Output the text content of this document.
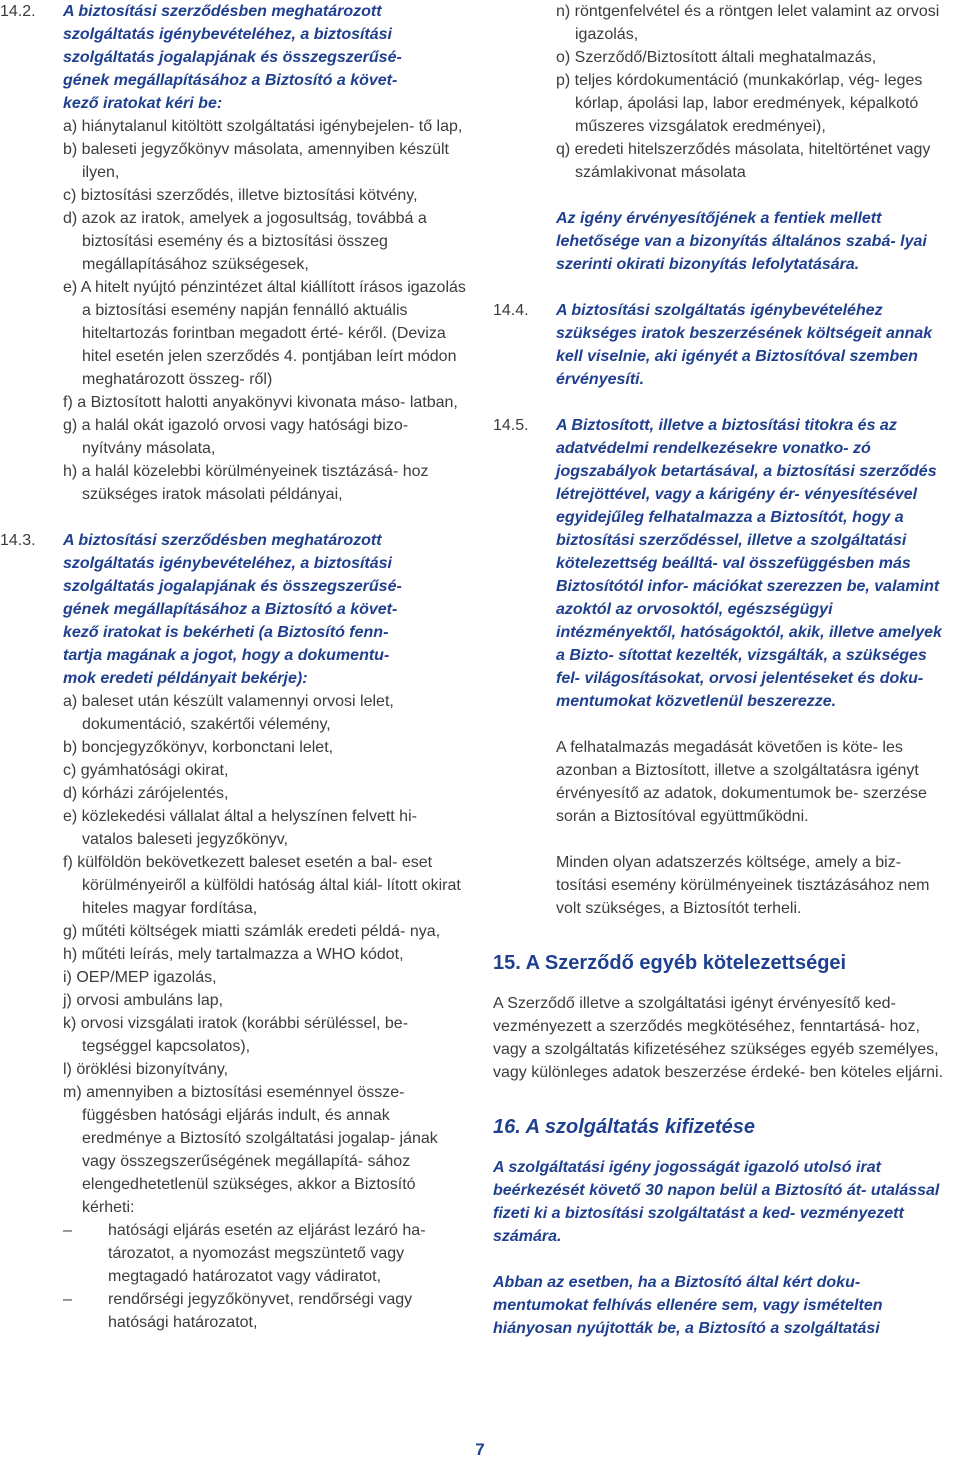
14.2. A biztosítási szerződésben meghatározott
szolgáltatás igénybevételéhez, a biztosítási
szolgáltatás jogalapjának és összegszerűsé-
gének megállapításához a Biztosító a követ-
kező iratokat kéri be:

a) hiánytalanul kitöltött szolgáltatási igénybejelen- tő lap,

b) baleseti jegyzőkönyv másolata, amennyiben készült ilyen,

c) biztosítási szerződés, illetve biztosítási kötvény,

d) azok az iratok, amelyek a jogosultság, továbbá a biztosítási esemény és a biztosítási összeg megállapításához szükségesek,

e) A hitelt nyújtó pénzintézet által kiállított írásos igazolás a biztosítási esemény napján fennálló aktuális hiteltartozás forintban megadott érté- kéről. (Deviza hitel esetén jelen szerződés 4. pontjában leírt módon meghatározott összeg- ről)

f) a Biztosított halotti anyakönyvi kivonata máso- latban,

g) a halál okát igazoló orvosi vagy hatósági bizo- nyítvány másolata,

h) a halál közelebbi körülményeinek tisztázásá- hoz szükséges iratok másolati példányai,

14.3. A biztosítási szerződésben meghatározott
szolgáltatás igénybevételéhez, a biztosítási
szolgáltatás jogalapjának és összegszerűsé-
gének megállapításához a Biztosító a követ-
kező iratokat is bekérheti (a Biztosító fenn-
tartja magának a jogot, hogy a dokumentu-
mok eredeti példányait bekérje):

a) baleset után készült valamennyi orvosi lelet, dokumentáció, szakértői vélemény,

b) boncjegyzőkönyv, korbonctani lelet,

c) gyámhatósági okirat,

d) kórházi zárójelentés,

e) közlekedési vállalat által a helyszínen felvett hi- vatalos baleseti jegyzőkönyv,

f) külföldön bekövetkezett baleset esetén a bal- eset körülményeiről a külföldi hatóság által kiál- lított okirat hiteles magyar fordítása,

g) műtéti költségek miatti számlák eredeti példá- nya,

h) műtéti leírás, mely tartalmazza a WHO kódot,

i) OEP/MEP igazolás,

j) orvosi ambuláns lap,

k) orvosi vizsgálati iratok (korábbi sérüléssel, be- tegséggel kapcsolatos),

l) öröklési bizonyítvány,

m) amennyiben a biztosítási eseménnyel össze- függésben hatósági eljárás indult, és annak eredménye a Biztosító szolgáltatási jogalap- jának vagy összegszerűségének megállapítá- sához elengedhetetlenül szükséges, akkor a Biztosító kérheti:

– hatósági eljárás esetén az eljárást lezáró ha- tározatot, a nyomozást megszüntető vagy megtagadó határozatot vagy vádiratot,

– rendőrségi jegyzőkönyvet, rendőrségi vagy hatósági határozatot,

n) röntgenfelvétel és a röntgen lelet valamint az orvosi igazolás,

o) Szerződő/Biztosított általi meghatalmazás,

p) teljes kórdokumentáció (munkakórlap, vég- leges kórlap, ápolási lap, labor eredmények, képalkotó műszeres vizsgálatok eredményei),

q) eredeti hitelszerződés másolata, hiteltörténet vagy számlakivonat másolata

Az igény érvényesítőjének a fentiek mellett lehetősége van a bizonyítás általános szabá- lyai szerinti okirati bizonyítás lefolytatására.

14.4. A biztosítási szolgáltatás igénybevételéhez szükséges iratok beszerzésének költségeit annak kell viselnie, aki igényét a Biztosítóval szemben érvényesíti.

14.5. A Biztosított, illetve a biztosítási titokra és az adatvédelmi rendelkezésekre vonatko- zó jogszabályok betartásával, a biztosítási szerződés létrejöttével, vagy a kárigény ér- vényesítésével egyidejűleg felhatalmazza a Biztosítót, hogy a biztosítási szerződéssel, illetve a szolgáltatási kötelezettség beálltá- val összefüggésben más Biztosítótól infor- mációkat szerezzen be, valamint azoktól az orvosoktól, egészségügyi intézményektől, hatóságoktól, akik, illetve amelyek a Bizto- sítottat kezelték, vizsgálták, a szükséges fel- világosításokat, orvosi jelentéseket és doku- mentumokat közvetlenül beszerezze.

A felhatalmazás megadását követően is köte- les azonban a Biztosított, illetve a szolgáltatásra igényt érvényesítő az adatok, dokumentumok be- szerzése során a Biztosítóval együttműködni.

Minden olyan adatszerzés költsége, amely a biz- tosítási esemény körülményeinek tisztázásához nem volt szükséges, a Biztosítót terheli.

15. A Szerződő egyéb kötelezettségei

A Szerződő illetve a szolgáltatási igényt érvényesítő ked- vezményezett a szerződés megkötéséhez, fenntartásá- hoz, vagy a szolgáltatás kifizetéséhez szükséges egyéb személyes, vagy különleges adatok beszerzése érdeké- ben köteles eljárni.

16. A szolgáltatás kifizetése

A szolgáltatási igény jogosságát igazoló utolsó irat beérkezését követő 30 napon belül a Biztosító át- utalással fizeti ki a biztosítási szolgáltatást a ked- vezményezett számára.

Abban az esetben, ha a Biztosító által kért doku- mentumokat felhívás ellenére sem, vagy ismételten hiányosan nyújtották be, a Biztosító a szolgáltatási

7
